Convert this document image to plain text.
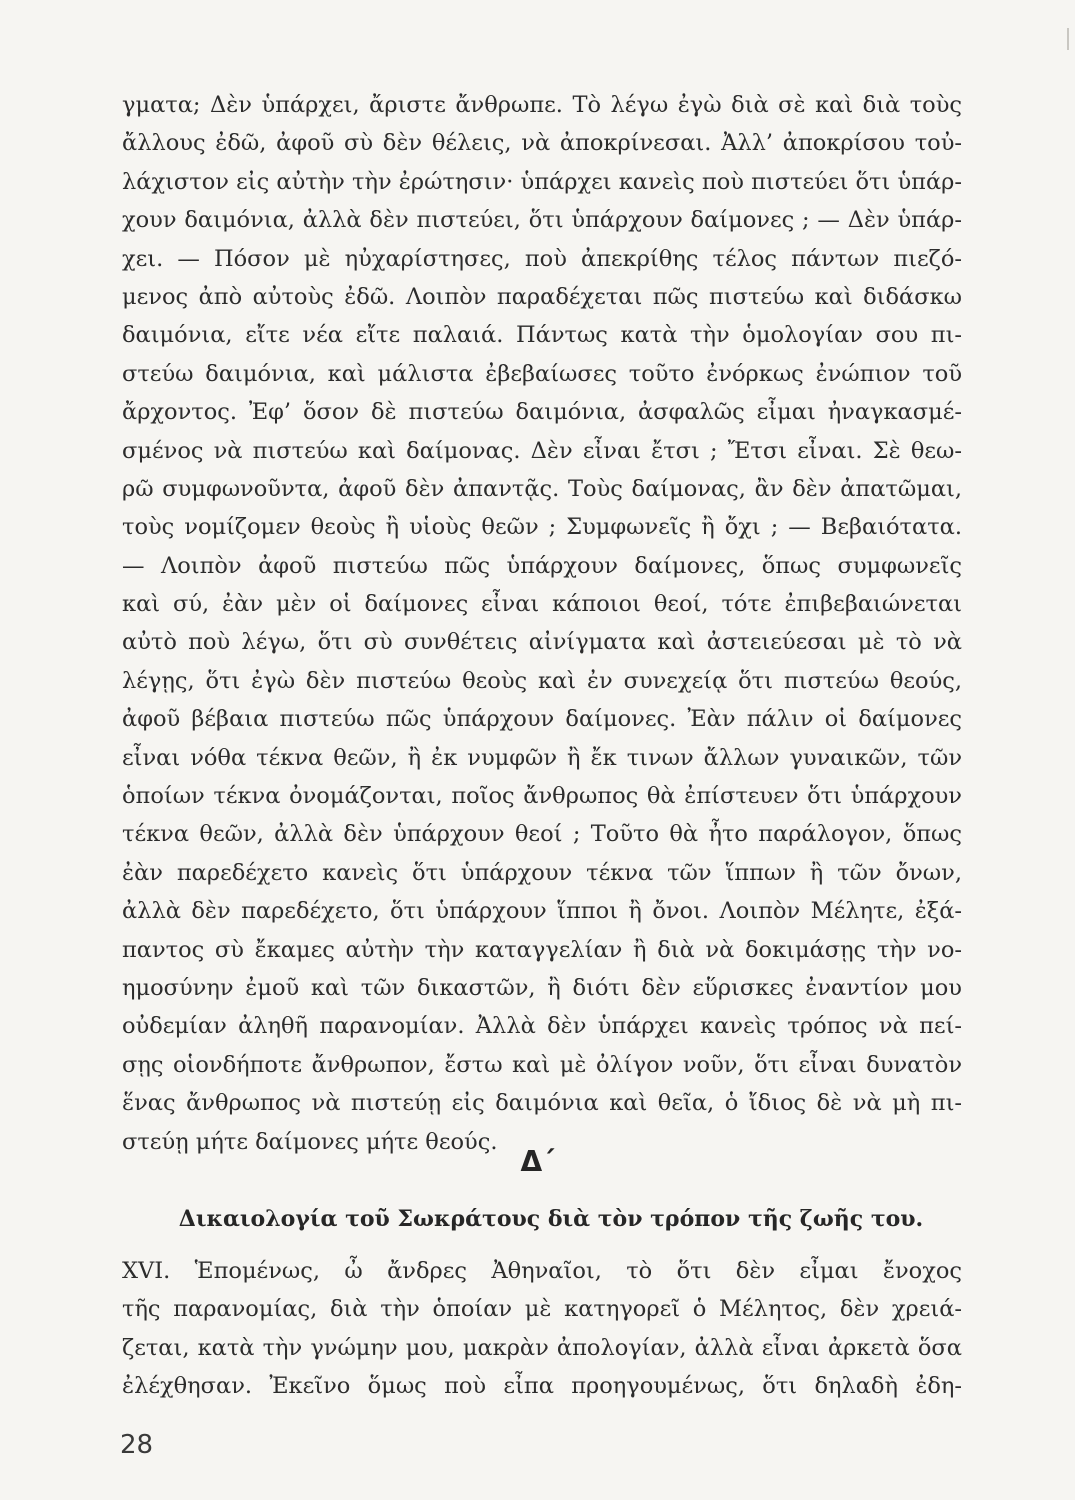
γματα; Δὲν ὑπάρχει, ἄριστε ἄνθρωπε. Τὸ λέγω ἐγὼ διὰ σὲ καὶ διὰ τοὺς
ἄλλους ἐδῶ, ἀφοῦ σὺ δὲν θέλεις, νὰ ἀποκρίνεσαι. Ἀλλ’ ἀποκρίσου τοὐ-
λάχιστον εἰς αὐτὴν τὴν ἐρώτησιν· ὑπάρχει κανεὶς ποὺ πιστεύει ὅτι ὑπάρ-
χουν δαιμόνια, ἀλλὰ δὲν πιστεύει, ὅτι ὑπάρχουν δαίμονες ; — Δὲν ὑπάρ-
χει. — Πόσον μὲ ηὐχαρίστησες, ποὺ ἀπεκρίθης τέλος πάντων πιεζό-
μενος ἀπὸ αὐτοὺς ἐδῶ. Λοιπὸν παραδέχεται πῶς πιστεύω καὶ διδάσκω
δαιμόνια, εἴτε νέα εἴτε παλαιά. Πάντως κατὰ τὴν ὁμολογίαν σου πι-
στεύω δαιμόνια, καὶ μάλιστα ἐβεβαίωσες τοῦτο ἐνόρκως ἐνώπιον τοῦ
ἄρχοντος. Ἐφ’ ὅσον δὲ πιστεύω δαιμόνια, ἀσφαλῶς εἶμαι ἠναγκασμέ-
σμένος νὰ πιστεύω καὶ δαίμονας. Δὲν εἶναι ἔτσι ; Ἔτσι εἶναι. Σὲ θεω-
ρῶ συμφωνοῦντα, ἀφοῦ δὲν ἀπαντᾷς. Τοὺς δαίμονας, ἂν δὲν ἀπατῶμαι,
τοὺς νομίζομεν θεοὺς ἢ υἱοὺς θεῶν ; Συμφωνεῖς ἢ ὄχι ; — Βεβαιότατα.
— Λοιπὸν ἀφοῦ πιστεύω πῶς ὑπάρχουν δαίμονες, ὅπως συμφωνεῖς
καὶ σύ, ἐὰν μὲν οἱ δαίμονες εἶναι κάποιοι θεοί, τότε ἐπιβεβαιώνεται
αὐτὸ ποὺ λέγω, ὅτι σὺ συνθέτεις αἰνίγματα καὶ ἀστειεύεσαι μὲ τὸ νὰ
λέγῃς, ὅτι ἐγὼ δὲν πιστεύω θεοὺς καὶ ἐν συνεχείᾳ ὅτι πιστεύω θεούς,
ἀφοῦ βέβαια πιστεύω πῶς ὑπάρχουν δαίμονες. Ἐὰν πάλιν οἱ δαίμονες
εἶναι νόθα τέκνα θεῶν, ἢ ἐκ νυμφῶν ἢ ἔκ τινων ἄλλων γυναικῶν, τῶν
ὁποίων τέκνα ὀνομάζονται, ποῖος ἄνθρωπος θὰ ἐπίστευεν ὅτι ὑπάρχουν
τέκνα θεῶν, ἀλλὰ δὲν ὑπάρχουν θεοί ; Τοῦτο θὰ ἦτο παράλογον, ὅπως
ἐὰν παρεδέχετο κανεὶς ὅτι ὑπάρχουν τέκνα τῶν ἵππων ἢ τῶν ὄνων,
ἀλλὰ δὲν παρεδέχετο, ὅτι ὑπάρχουν ἵπποι ἢ ὄνοι. Λοιπὸν Μέλητε, ἐξά-
παντος σὺ ἔκαμες αὐτὴν τὴν καταγγελίαν ἢ διὰ νὰ δοκιμάσῃς τὴν νο-
ημοσύνην ἐμοῦ καὶ τῶν δικαστῶν, ἢ διότι δὲν εὕρισκες ἐναντίον μου
οὐδεμίαν ἀληθῆ παρανομίαν. Ἀλλὰ δὲν ὑπάρχει κανεὶς τρόπος νὰ πεί-
σῃς οἱονδήποτε ἄνθρωπον, ἔστω καὶ μὲ ὀλίγον νοῦν, ὅτι εἶναι δυνατὸν
ἕνας ἄνθρωπος νὰ πιστεύῃ εἰς δαιμόνια καὶ θεῖα, ὁ ἴδιος δὲ νὰ μὴ πι-
στεύῃ μήτε δαίμονες μήτε θεούς.
Δ΄
Δικαιολογία τοῦ Σωκράτους διὰ τὸν τρόπον τῆς ζωῆς του.
XVI. Ἑπομένως, ὦ ἄνδρες Ἀθηναῖοι, τὸ ὅτι δὲν εἶμαι ἔνοχος
τῆς παρανομίας, διὰ τὴν ὁποίαν μὲ κατηγορεῖ ὁ Μέλητος, δὲν χρειά-
ζεται, κατὰ τὴν γνώμην μου, μακρὰν ἀπολογίαν, ἀλλὰ εἶναι ἀρκετὰ ὅσα
ἐλέχθησαν. Ἐκεῖνο ὅμως ποὺ εἶπα προηγουμένως, ὅτι δηλαδὴ ἐδη-
28
